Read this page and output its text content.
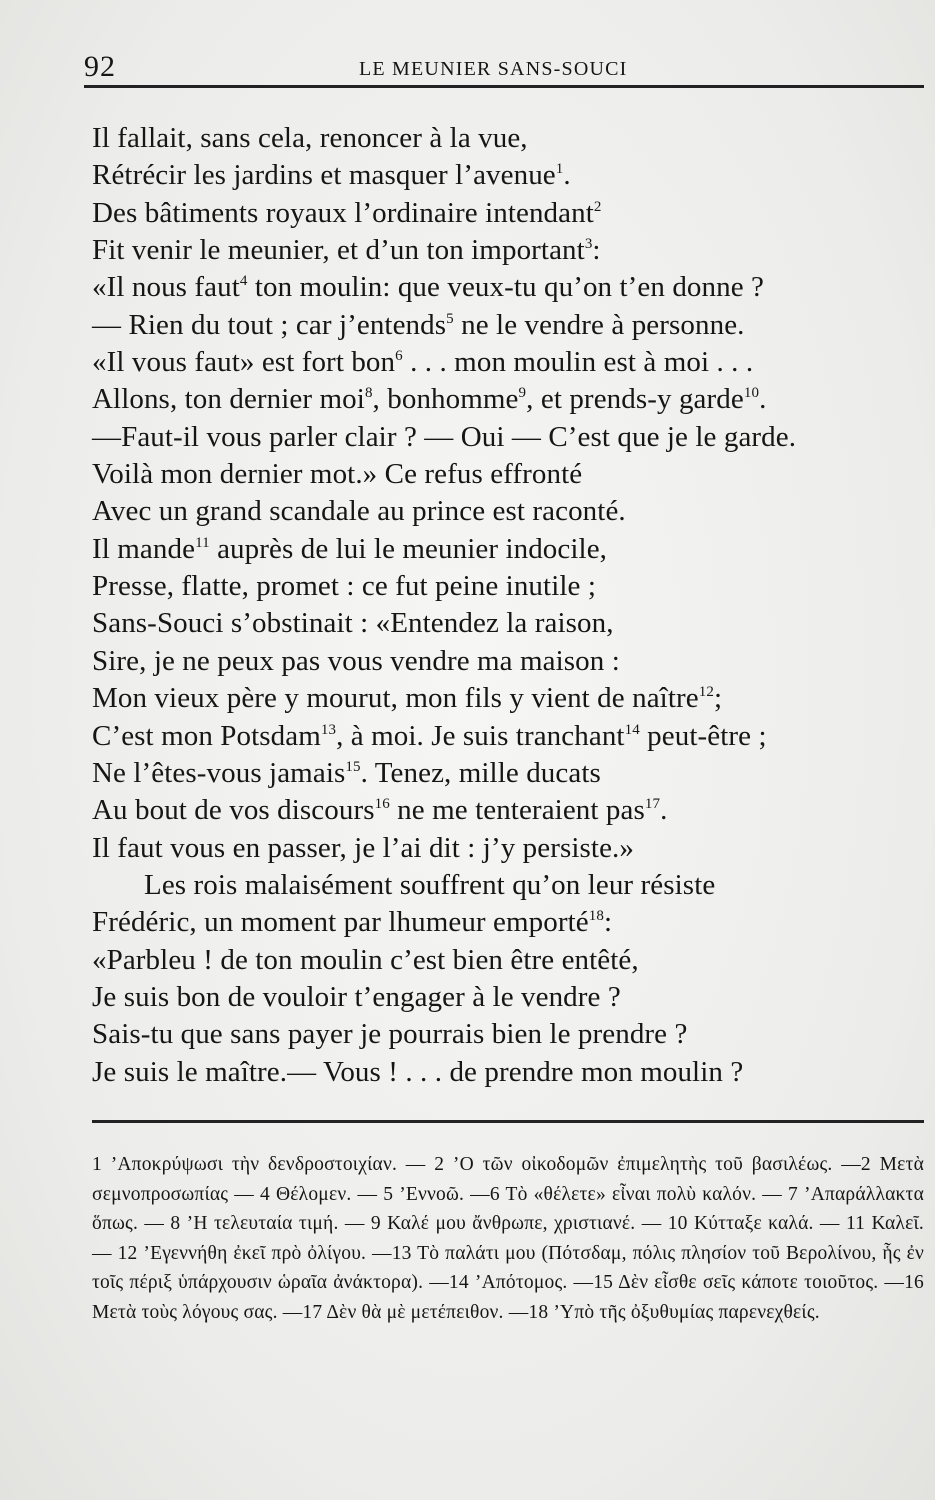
92	LE MEUNIER SANS-SOUCI
Il fallait, sans cela, renoncer à la vue,
Rétrécir les jardins et masquer l’avenue$^1$.
Des bâtiments royaux l’ordinaire intendant$^2$
Fit venir le meunier, et d’un ton important$^3$:
«Il nous faut$^4$ ton moulin: que veux-tu qu’on t’en donne ?
— Rien du tout ; car j’entends$^5$ ne le vendre à personne.
«Il vous faut» est fort bon$^6$ . . . mon moulin est à moi . . .
Allons, ton dernier moi$^8$, bonhomme$^9$, et prends-y garde$^{10}$.
—Faut-il vous parler clair ? — Oui — C’est que je le garde.
Voilà mon dernier mot.» Ce refus effronté
Avec un grand scandale au prince est raconté.
Il mande$^{11}$ auprès de lui le meunier indocile,
Presse, flatte, promet : ce fut peine inutile ;
Sans-Souci s’obstinait : «Entendez la raison,
Sire, je ne peux pas vous vendre ma maison :
Mon vieux père y mourut, mon fils y vient de naître$^{12}$;
C’est mon Potsdam$^{13}$, à moi. Je suis tranchant$^{14}$ peut-être ;
Ne l’êtes-vous jamais$^{15}$. Tenez, mille ducats
Au bout de vos discours$^{16}$ ne me tenteraient pas$^{17}$.
Il faut vous en passer, je l’ai dit : j’y persiste.»
Les rois malaisément souffrent qu’on leur résiste
Frédéric, un moment par lhumeur emporté$^{18}$:
«Parbleu ! de ton moulin c’est bien être entêté,
Je suis bon de vouloir t’engager à le vendre ?
Sais-tu que sans payer je pourrais bien le prendre ?
Je suis le maître.— Vous ! . . . de prendre mon moulin ?
1 ’Αποκρύψωσι τὴν δενδροστοιχίαν. — 2 ’Ο τῶν οἰκοδομῶν ἐπιμελητὴς τοῦ βασιλέως. —2 Μετὰ σεμνοπροσωπίας — 4 Θέλομεν. — 5 ’Εννοῶ. —6 Τὸ «θέλετε» εἶναι πολὺ καλόν. — 7 ’Απαράλλακτα ὅπως. — 8 ’Η τελευταία τιμή. — 9 Καλέ μου ἄνθρωπε, χριστιανέ. — 10 Κύτταξε καλά. — 11 Καλεῖ. — 12 ’Εγεννήθη ἐκεῖ πρὸ ὀλίγου. —13 Τὸ παλάτι μου (Πότσδαμ, πόλις πλησίον τοῦ Βερολίνου, ἧς ἐν τοῖς πέριξ ὑπάρχουσιν ὡραῖα ἀνάκτορα). —14 ’Απότομος. —15 Δὲν εἶσθε σεῖς κάποτε τοιοῦτος. —16 Μετὰ τοὺς λόγους σας. —17 Δὲν θὰ μὲ μετέπειθον. —18 ’Υπὸ τῆς ὀξυθυμίας παρενεχθείς.
